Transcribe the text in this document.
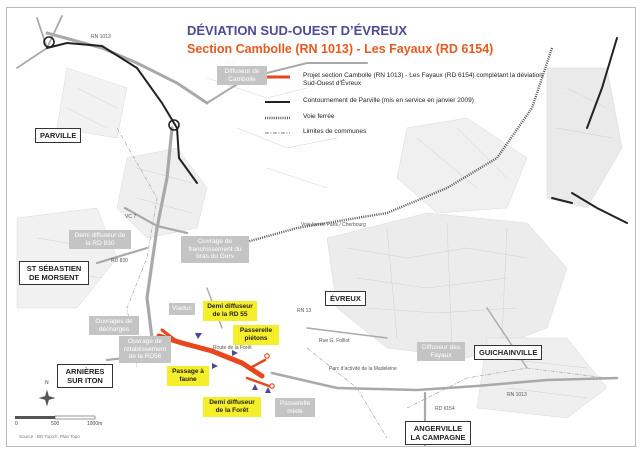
DÉVIATION SUD-OUEST D’ÉVREUX
Section Cambolle (RN 1013) - Les Fayaux (RD 6154)
Projet section Cambolle (RN 1013) - Les Fayaux (RD 6154) complétant la déviation Sud-Ouest d’Évreux
Contournement de Parville (mis en service en janvier 2009)
Voie ferrée
Limites de communes
PARVILLE
ST SÉBASTIEN DE MORSENT
ÉVREUX
GUICHAINVILLE
ARNIÈRES SUR ITON
ANGERVILLE LA CAMPAGNE
Diffuseur de Cambolle
Demi diffuseur de la RD 830	Ouvrage de franchissement du bras du Gors
Viaduc
Ouvrages de décharges
Ouvrage de rétablissement de la RD56
Diffuseur des Fayaux
Passerelle mixte
Demi diffuseur de la RD 55
Passerelle piétons
Passage à faune
Demi diffuseur de la Forêt
RN 1013
RN 1013
VC 7
RD 830
RD 6154
RN 13
Voie ferrée Paris / Cherbourg
Rue G. Folliot
Parc d’activité de la Madeleine
Route de la Forêt
N
0	500	1000m
Source : BD Topo®, Plan Topo
